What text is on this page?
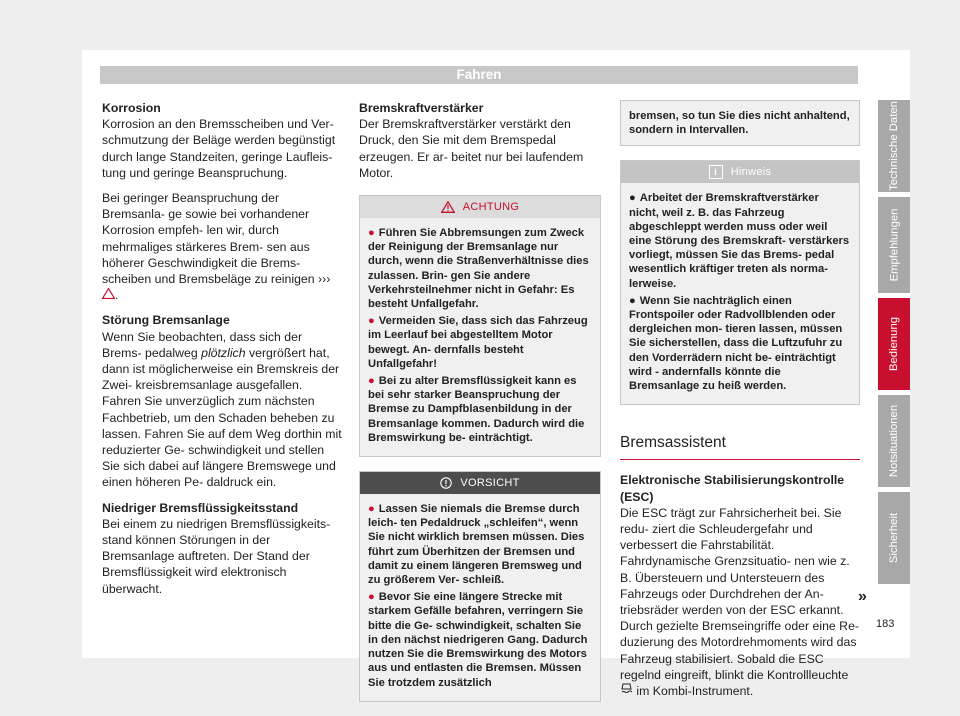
Fahren
Korrosion

Korrosion an den Bremsscheiben und Ver- schmutzung der Beläge werden begünstigt durch lange Standzeiten, geringe Laufleis- tung und geringe Beanspruchung.

Bei geringer Beanspruchung der Bremsanla- ge sowie bei vorhandener Korrosion empfeh- len wir, durch mehrmaliges stärkeres Brem- sen aus höherer Geschwindigkeit die Brems- scheiben und Bremsbeläge zu reinigen ››› .

Störung Bremsanlage

Wenn Sie beobachten, dass sich der Brems- pedalweg plötzlich vergrößert hat, dann ist möglicherweise ein Bremskreis der Zwei- kreisbremsanlage ausgefallen. Fahren Sie unverzüglich zum nächsten Fachbetrieb, um den Schaden beheben zu lassen. Fahren Sie auf dem Weg dorthin mit reduzierter Ge- schwindigkeit und stellen Sie sich dabei auf längere Bremswege und einen höheren Pe- daldruck ein.

Niedriger Bremsflüssigkeitsstand

Bei einem zu niedrigen Bremsflüssigkeits- stand können Störungen in der Bremsanlage auftreten. Der Stand der Bremsflüssigkeit wird elektronisch überwacht.

Bremskraftverstärker

Der Bremskraftverstärker verstärkt den Druck, den Sie mit dem Bremspedal erzeugen. Er ar- beitet nur bei laufendem Motor.

ACHTUNG

● Führen Sie Abbremsungen zum Zweck der Reinigung der Bremsanlage nur durch, wenn die Straßenverhältnisse dies zulassen. Brin- gen Sie andere Verkehrsteilnehmer nicht in Gefahr: Es besteht Unfallgefahr.

● Vermeiden Sie, dass sich das Fahrzeug im Leerlauf bei abgestelltem Motor bewegt. An- dernfalls besteht Unfallgefahr!

● Bei zu alter Bremsflüssigkeit kann es bei sehr starker Beanspruchung der Bremse zu Dampfblasenbildung in der Bremsanlage kommen. Dadurch wird die Bremswirkung be- einträchtigt.

VORSICHT

● Lassen Sie niemals die Bremse durch leich- ten Pedaldruck „schleifen“, wenn Sie nicht wirklich bremsen müssen. Dies führt zum Überhitzen der Bremsen und damit zu einem längeren Bremsweg und zu größerem Ver- schleiß.

● Bevor Sie eine längere Strecke mit starkem Gefälle befahren, verringern Sie bitte die Ge- schwindigkeit, schalten Sie in den nächst niedrigeren Gang. Dadurch nutzen Sie die Bremswirkung des Motors aus und entlasten die Bremsen. Müssen Sie trotzdem zusätzlich

bremsen, so tun Sie dies nicht anhaltend, sondern in Intervallen.
i	Hinweis

● Arbeitet der Bremskraftverstärker nicht, weil z. B. das Fahrzeug abgeschleppt werden muss oder weil eine Störung des Bremskraft- verstärkers vorliegt, müssen Sie das Brems- pedal wesentlich kräftiger treten als norma- lerweise.

● Wenn Sie nachträglich einen Frontspoiler oder Radvollblenden oder dergleichen mon- tieren lassen, müssen Sie sicherstellen, dass die Luftzufuhr zu den Vorderrädern nicht be- einträchtigt wird - andernfalls könnte die Bremsanlage zu heiß werden.

Bremsassistent
Elektronische Stabilisierungskontrolle (ESC)

Die ESC trägt zur Fahrsicherheit bei. Sie redu- ziert die Schleudergefahr und verbessert die Fahrstabilität. Fahrdynamische Grenzsituatio- nen wie z. B. Übersteuern und Untersteuern des Fahrzeugs oder Durchdrehen der An- triebsräder werden von der ESC erkannt. Durch gezielte Bremseingriffe oder eine Re- duzierung des Motordrehmoments wird das Fahrzeug stabilisiert. Sobald die ESC regelnd eingreift, blinkt die Kontrollleuchte  im Kombi-Instrument.

»
Technische Daten
Empfehlungen
Bedienung
Notsituationen
Sicherheit
183
